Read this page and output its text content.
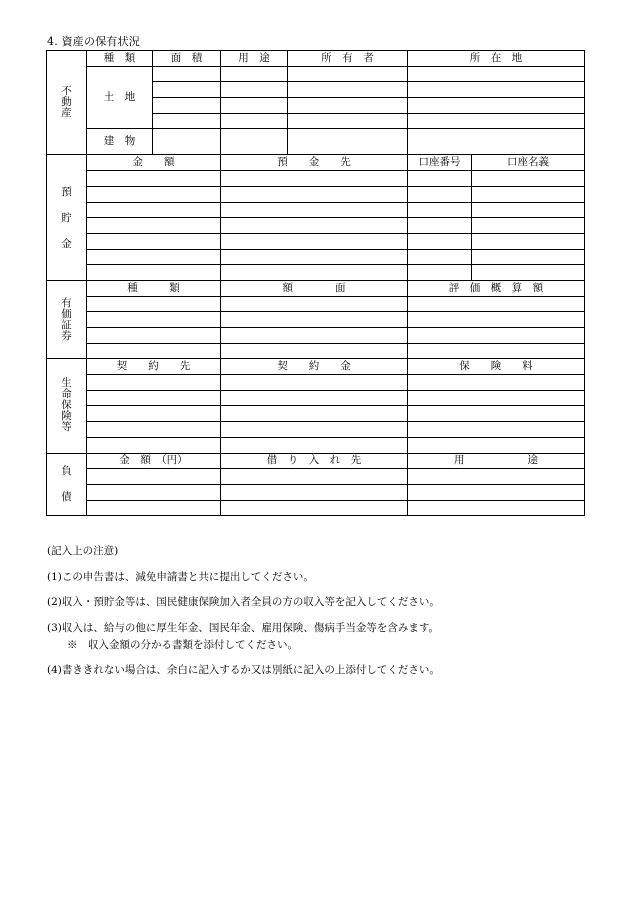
4. 資産の保有状況
不
動
産	種　類	面　積	用　途	所　有　者	所　在　地	
	土　 地					

	建　 物					

預
貯
金	金　　額		預　　金　　先		口座番号	口座名義

有
価
証
券	種　　　類		額　　　　面		評　価　概　算　額	

生
命
保
険
等	契　　約　　先		契　　約　　金		保　　険　　料	

負
債	金　額　（円）		借　り　入　れ　先		用　　　　　　途	

(記入上の注意)
(1)この申告書は、減免申請書と共に提出してください。
(2)収入・預貯金等は、国民健康保険加入者全員の方の収入等を記入してください。
(3)収入は、給与の他に厚生年金、国民年金、雇用保険、傷病手当金等を含みます。
※　収入金額の分かる書類を添付してください。
(4)書ききれない場合は、余白に記入するか又は別紙に記入の上添付してください。
